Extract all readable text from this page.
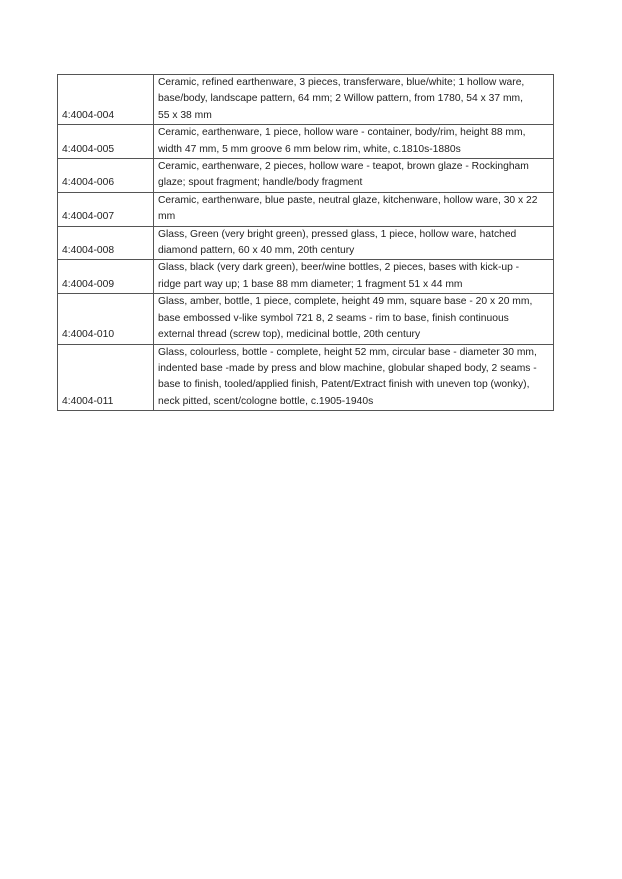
4:4004-004	Ceramic, refined earthenware, 3 pieces, transferware, blue/white; 1 hollow ware,
base/body, landscape pattern, 64 mm; 2 Willow pattern, from 1780, 54 x 37 mm,
55 x 38 mm

4:4004-005	Ceramic, earthenware, 1 piece, hollow ware - container, body/rim, height 88 mm,
width 47 mm, 5 mm groove 6 mm below rim, white, c.1810s-1880s

4:4004-006	Ceramic, earthenware, 2 pieces, hollow ware - teapot, brown glaze - Rockingham
glaze; spout fragment; handle/body fragment

4:4004-007	Ceramic, earthenware, blue paste, neutral glaze, kitchenware, hollow ware, 30 x 22
mm

4:4004-008	Glass, Green (very bright green), pressed glass, 1 piece, hollow ware, hatched
diamond pattern, 60 x 40 mm, 20th century

4:4004-009	Glass, black (very dark green), beer/wine bottles, 2 pieces, bases with kick-up -
ridge part way up; 1 base 88 mm diameter; 1 fragment 51 x 44 mm

4:4004-010	Glass, amber, bottle, 1 piece, complete, height 49 mm, square base - 20 x 20 mm,
base embossed v-like symbol 721 8, 2 seams - rim to base, finish continuous
external thread (screw top), medicinal bottle, 20th century

4:4004-011	Glass, colourless, bottle - complete, height 52 mm, circular base - diameter 30 mm,
indented base -made by press and blow machine, globular shaped body, 2 seams -
base to finish, tooled/applied finish, Patent/Extract finish with uneven top (wonky),
neck pitted, scent/cologne bottle, c.1905-1940s
